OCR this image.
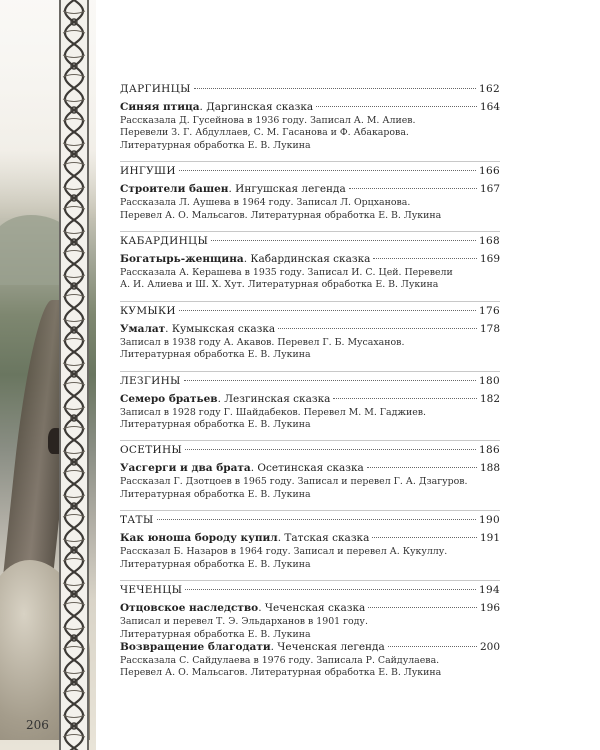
206
ДАРГИНЦЫ	162
Синяя птица. Даргинская сказка	164
Рассказала Д. Гусейнова в 1936 году. Записал А. М. Алиев.
Перевели З. Г. Абдуллаев, С. М. Гасанова и Ф. Абакарова.
Литературная обработка Е. В. Лукина
ИНГУШИ	166
Строители башен. Ингушская легенда	167
Рассказала Л. Аушева в 1964 году. Записал Л. Орцханова.
Перевел А. О. Мальсагов. Литературная обработка Е. В. Лукина
КАБАРДИНЦЫ	168
Богатырь-женщина. Кабардинская сказка	169
Рассказала А. Керашева в 1935 году. Записал И. С. Цей. Перевели
А. И. Алиева и Ш. Х. Хут. Литературная обработка Е. В. Лукина
КУМЫКИ	176
Умалат. Кумыкская сказка	178
Записал в 1938 году А. Акавов. Перевел Г. Б. Мусаханов.
Литературная обработка Е. В. Лукина
ЛЕЗГИНЫ	180
Семеро братьев. Лезгинская сказка	182
Записал в 1928 году Г. Шайдабеков. Перевел М. М. Гаджиев.
Литературная обработка Е. В. Лукина
ОСЕТИНЫ	186
Уасгерги и два брата. Осетинская сказка	188
Рассказал Г. Дзотцоев в 1965 году. Записал и перевел Г. А. Дзагуров.
Литературная обработка Е. В. Лукина
ТАТЫ	190
Как юноша бороду купил. Татская сказка	191
Рассказал Б. Назаров в 1964 году. Записал и перевел А. Кукуллу.
Литературная обработка Е. В. Лукина
ЧЕЧЕНЦЫ	194
Отцовское наследство. Чеченская сказка	196
Записал и перевел Т. Э. Эльдарханов в 1901 году.
Литературная обработка Е. В. Лукина
Возвращение благодати. Чеченская легенда	200
Рассказала С. Сайдулаева в 1976 году. Записала Р. Сайдулаева.
Перевел А. О. Мальсагов. Литературная обработка Е. В. Лукина
